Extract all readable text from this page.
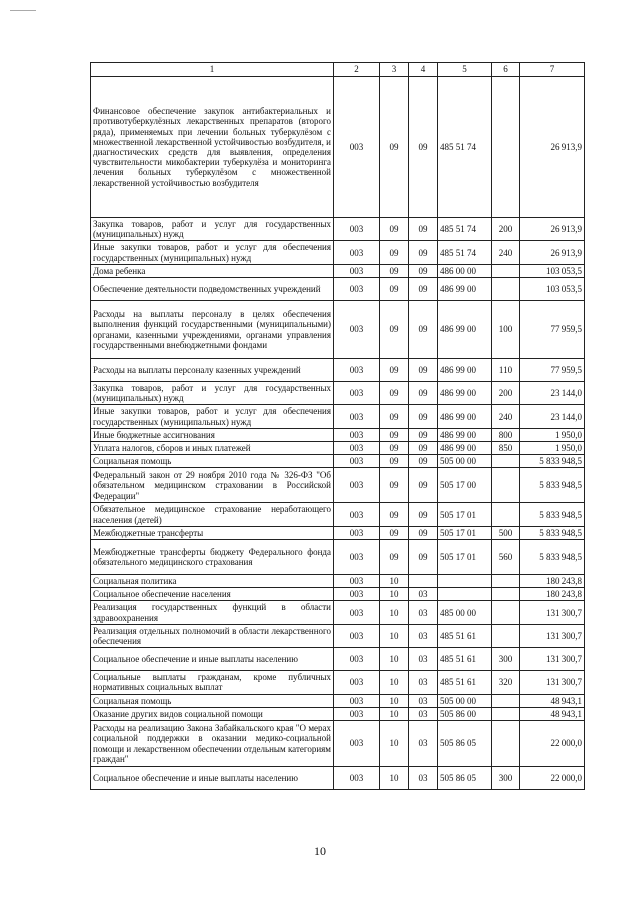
1	2	3	4	5	6	7
Финансовое обеспечение закупок антибактериальных и противотуберкулёзных лекарственных препаратов (второго ряда), применяемых при лечении больных туберкулёзом с множественной лекарственной устойчивостью возбудителя, и диагностических средств для выявления, определения чувствительности микобактерии туберкулёза и мониторинга лечения больных туберкулёзом с множественной лекарственной устойчивостью возбудителя	003	09	09	485 51 74		26 913,9
Закупка товаров, работ и услуг для государственных (муниципальных) нужд	003	09	09	485 51 74	200	26 913,9
Иные закупки товаров, работ и услуг для обеспечения государственных (муниципальных) нужд	003	09	09	485 51 74	240	26 913,9
Дома ребенка	003	09	09	486 00 00		103 053,5
Обеспечение деятельности подведомственных учреждений	003	09	09	486 99 00		103 053,5
Расходы на выплаты персоналу в целях обеспечения выполнения функций государственными (муниципальными) органами, казенными учреждениями, органами управления государственными внебюджетными фондами	003	09	09	486 99 00	100	77 959,5
Расходы на выплаты персоналу казенных учреждений	003	09	09	486 99 00	110	77 959,5
Закупка товаров, работ и услуг для государственных (муниципальных) нужд	003	09	09	486 99 00	200	23 144,0
Иные закупки товаров, работ и услуг для обеспечения государственных (муниципальных) нужд	003	09	09	486 99 00	240	23 144,0
Иные бюджетные ассигнования	003	09	09	486 99 00	800	1 950,0
Уплата налогов, сборов и иных платежей	003	09	09	486 99 00	850	1 950,0
Социальная помощь	003	09	09	505 00 00		5 833 948,5
Федеральный закон от 29 ноября 2010 года № 326-ФЗ "Об обязательном медицинском страховании в Российской Федерации"	003	09	09	505 17 00		5 833 948,5
Обязательное медицинское страхование неработающего населения (детей)	003	09	09	505 17 01		5 833 948,5
Межбюджетные трансферты	003	09	09	505 17 01	500	5 833 948,5
Межбюджетные трансферты бюджету Федерального фонда обязательного медицинского страхования	003	09	09	505 17 01	560	5 833 948,5
Социальная политика	003	10				180 243,8
Социальное обеспечение населения	003	10	03			180 243,8
Реализация государственных функций в области здравоохранения	003	10	03	485 00 00		131 300,7
Реализация отдельных полномочий в области лекарственного обеспечения	003	10	03	485 51 61		131 300,7
Социальное обеспечение и иные выплаты населению	003	10	03	485 51 61	300	131 300,7
Социальные выплаты гражданам, кроме публичных нормативных социальных выплат	003	10	03	485 51 61	320	131 300,7
Социальная помощь	003	10	03	505 00 00		48 943,1
Оказание других видов социальной помощи	003	10	03	505 86 00		48 943,1
Расходы на реализацию Закона Забайкальского края "О мерах социальной поддержки в оказании медико-социальной помощи и лекарственном обеспечении отдельным категориям граждан"	003	10	03	505 86 05		22 000,0
Социальное обеспечение и иные выплаты населению	003	10	03	505 86 05	300	22 000,0
10
